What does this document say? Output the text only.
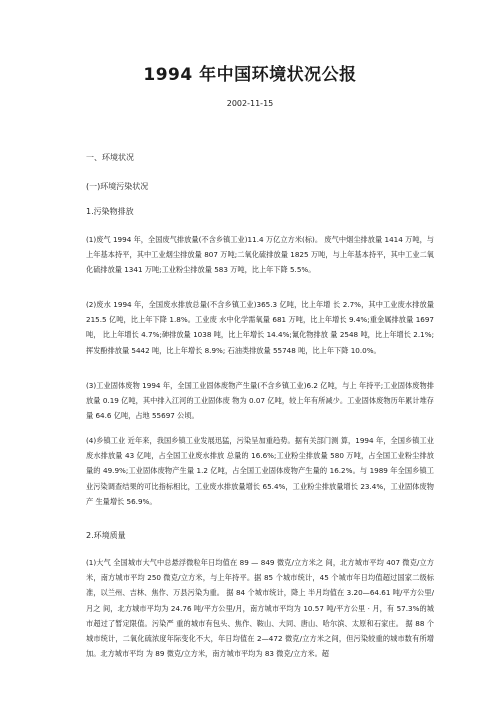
1994 年中国环境状况公报
2002-11-15
一、环境状况
(一)环境污染状况
1.污染物排放
(1)废气 1994 年，全国废气排放量(不含乡镇工业)11.4 万亿立方米(标)。 废气中烟尘排放量 1414 万吨，与上年基本持平，其中工业烟尘排放量 807 万吨;二氧化硫排放量 1825 万吨，与上年基本持平，其中工业二氧 化硫排放量 1341 万吨;工业粉尘排放量 583 万吨，比上年下降 5.5%。
(2)废水 1994 年，全国废水排放总量(不含乡镇工业)365.3 亿吨，比上年增 长 2.7%，其中工业废水排放量 215.5 亿吨，比上年下降 1.8%。工业废 水中化学需氧量 681 万吨，比上年增长 9.4%;重金属排放量 1697 吨， 比上年增长 4.7%;砷排放量 1038 吨，比上年增长 14.4%;氰化物排放 量 2548 吨，比上年增长 2.1%;挥发酚排放量 5442 吨，比上年增长 8.9%; 石油类排放量 55748 吨，比上年下降 10.0%。
(3)工业固体废物 1994 年，全国工业固体废物产生量(不含乡镇工业)6.2 亿吨，与上 年持平;工业固体废物排放量 0.19 亿吨，其中排入江河的工业固体废 物为 0.07 亿吨，较上年有所减少。工业固体废物历年累计堆存量 64.6 亿吨，占地 55697 公顷。
(4)乡镇工业 近年来，我国乡镇工业发展迅猛，污染呈加重趋势。据有关部门测 算，1994 年，全国乡镇工业废水排放量 43 亿吨，占全国工业废水排放 总量的 16.6%;工业粉尘排放量 580 万吨，占全国工业粉尘排放量的 49.9%;工业固体废物产生量 1.2 亿吨，占全国工业固体废物产生量的 16.2%。与 1989 年全国乡镇工业污染调查结果的可比指标相比，工业废水排放量增长 65.4%，工业粉尘排放量增长 23.4%，工业固体废物产 生量增长 56.9%。
2.环境质量
(1)大气 全国城市大气中总悬浮微粒年日均值在 89 — 849 微克/立方米之 间，北方城市平均 407 微克/立方米，南方城市平均 250 微克/立方米，与上年持平。据 85 个城市统计，45 个城市年日均值超过国家二级标 准，以兰州、吉林、焦作、万县污染为重。 据 84 个城市统计，降上 半月均值在 3.20—64.61 吨/平方公里/月之 间，北方城市平均为 24.76 吨/平方公里/月，南方城市平均为 10.57 吨/平方公里 · 月，有 57.3%的城市超过了暂定限值。污染严 重的城市有包头、焦作、鞍山、大同、唐山、哈尔滨、太原和石家庄。 据 88 个城市统计，二氧化硫浓度年际变化不大，年日均值在 2—472 微克/立方米之间，但污染较重的城市数有所增加。北方城市平均 为 89 微克/立方米，南方城市平均为 83 微克/立方米。超
